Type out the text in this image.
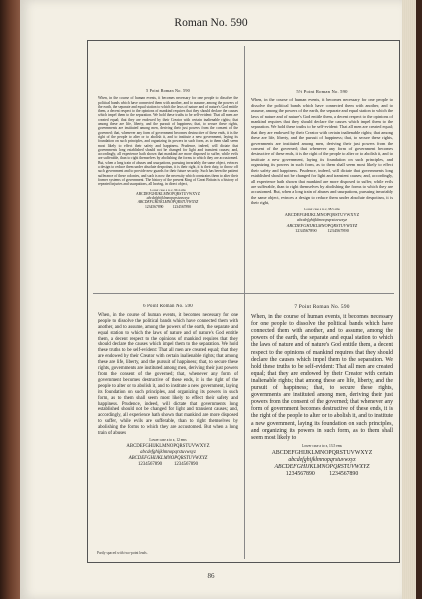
Roman No. 590
5 Point Roman No. 590
When, in the course of human events, it becomes necessary for one people to dissolve the political bands which have connected them with another, and to assume, among the powers of the earth, the separate and equal station to which the laws of nature and of nature's God entitle them, a decent respect to the opinions of mankind requires that they should declare the causes which impel them to the separation. We hold these truths to be self-evident: That all men are created equal; that they are endowed by their Creator with certain inalienable rights; that among these are life, liberty, and the pursuit of happiness; that, to secure these rights, governments are instituted among men, deriving their just powers from the consent of the governed; that, whenever any form of government becomes destructive of these ends, it is the right of the people to alter or to abolish it, and to institute a new government, laying its foundation on such principles, and organizing its powers in such form, as to them shall seem most likely to effect their safety and happiness. Prudence, indeed, will dictate that governments long established should not be changed for light and transient causes; and, accordingly, all experience hath shown that mankind are more disposed to suffer, while evils are sufferable, than to right themselves by abolishing the forms to which they are accustomed. But, when a long train of abuses and usurpations, pursuing invariably the same object, evinces a design to reduce them under absolute despotism, it is their right, it is their duty, to throw off such government and to provide new guards for their future security. Such has been the patient sufferance of these colonies, and such is now the necessity which constrains them to alter their former systems of government. The history of the present King of Great Britain is a history of repeated injuries and usurpations, all having, in direct object,
Lower case a to z, 90.4 ems
ABCDEFGHIJKLMNOPQRSTUVWXYZ
abcdefghijklmnopqrstuvwxyz
ABCDEFGHIJKLMNOPQRSTUVWXYZ
1234567890          1234567890
5½ Point Roman No. 590
When, in the course of human events, it becomes necessary for one people to dissolve the political bands which have connected them with another, and to assume, among the powers of the earth, the separate and equal station to which the laws of nature and of nature's God entitle them, a decent respect to the opinions of mankind requires that they should declare the causes which impel them to the separation. We hold these truths to be self-evident: That all men are created equal; that they are endowed by their Creator with certain inalienable rights; that among these are life, liberty, and the pursuit of happiness; that, to secure these rights, governments are instituted among men, deriving their just powers from the consent of the governed; that whenever any form of government becomes destructive of these ends, it is the right of the people to alter or to abolish it, and to institute a new government, laying its foundation on such principles, and organizing its powers in such form, as to them shall seem most likely to effect their safety and happiness. Prudence, indeed, will dictate that governments long established should not be changed for light and transient causes; and, accordingly, all experience hath shown that mankind are more disposed to suffer, while evils are sufferable, than to right themselves by abolishing the forms to which they are accustomed. But, when a long train of abuses and usurpations, pursuing invariably the same object, evinces a design to reduce them under absolute despotism, it is their right,
Lower case a to z, 98.5 ems
ABCDEFGHIJKLMNOPQRSTUVWXYZ
abcdefghijklmnopqrstuvwxyz
ABCDEFGHIJKLMNOPQRSTUVWXYZ
1234567890          1234567890
6 Point Roman No. 590
When, in the course of human events, it becomes necessary for one people to dissolve the political bands which have connected them with another, and to assume, among the powers of the earth, the separate and equal station to which the laws of nature and of nature's God entitle them, a decent respect to the opinions of mankind requires that they should declare the causes which impel them to the separation. We hold these truths to be self-evident: That all men are created equal; that they are endowed by their Creator with certain inalienable rights; that among these are life, liberty, and the pursuit of happiness; that, to secure these rights, governments are instituted among men, deriving their just powers from the consent of the governed; that, whenever any form of government becomes destructive of these ends, it is the right of the people to alter or to abolish it, and to institute a new government, laying its foundation on such principles, and organizing its powers in such form, as to them shall seem most likely to effect their safety and happiness. Prudence, indeed, will dictate that governments long established should not be changed for light and transient causes; and, accordingly, all experience hath shown that mankind are more disposed to suffer, while evils are sufferable, than to right themselves by abolishing the forms to which they are accustomed. But when a long train of abuses
Lower case a to z, 12 ems
ABCDEFGHIJKLMNOPQRSTUVWXYZ
abcdefghijklmnopqrstuvwxyz
ABCDEFGHIJKLMNOPQRSTUVWXYZ
1234567890          1234567890
7 Point Roman No. 590
When, in the course of human events, it becomes necessary for one people to dissolve the political bands which have connected them with another, and to assume, among the powers of the earth, the separate and equal station to which the laws of nature and of nature's God entitle them, a decent respect to the opinions of mankind requires that they should declare the causes which impel them to the separation. We hold these truths to be self-evident: That all men are created equal; that they are endowed by their Creator with certain inalienable rights; that among these are life, liberty, and the pursuit of happiness; that, to secure these rights, governments are instituted among men, deriving their just powers from the consent of the governed; that whenever any form of government becomes destructive of these ends, it is the right of the people to alter or to abolish it, and to institute a new government, laying its foundation on such principles, and organizing its powers in such form, as to them shall seem most likely to
Lower case a to z, 13.5 ems
ABCDEFGHIJKLMNOPQRSTUVWXYZ
abcdefghijklmnopqrstuvwxyz
ABCDEFGHIJKLMNOPQRSTUVWXYZ
1234567890          1234567890
Partly spaced with two-point leads.
86
